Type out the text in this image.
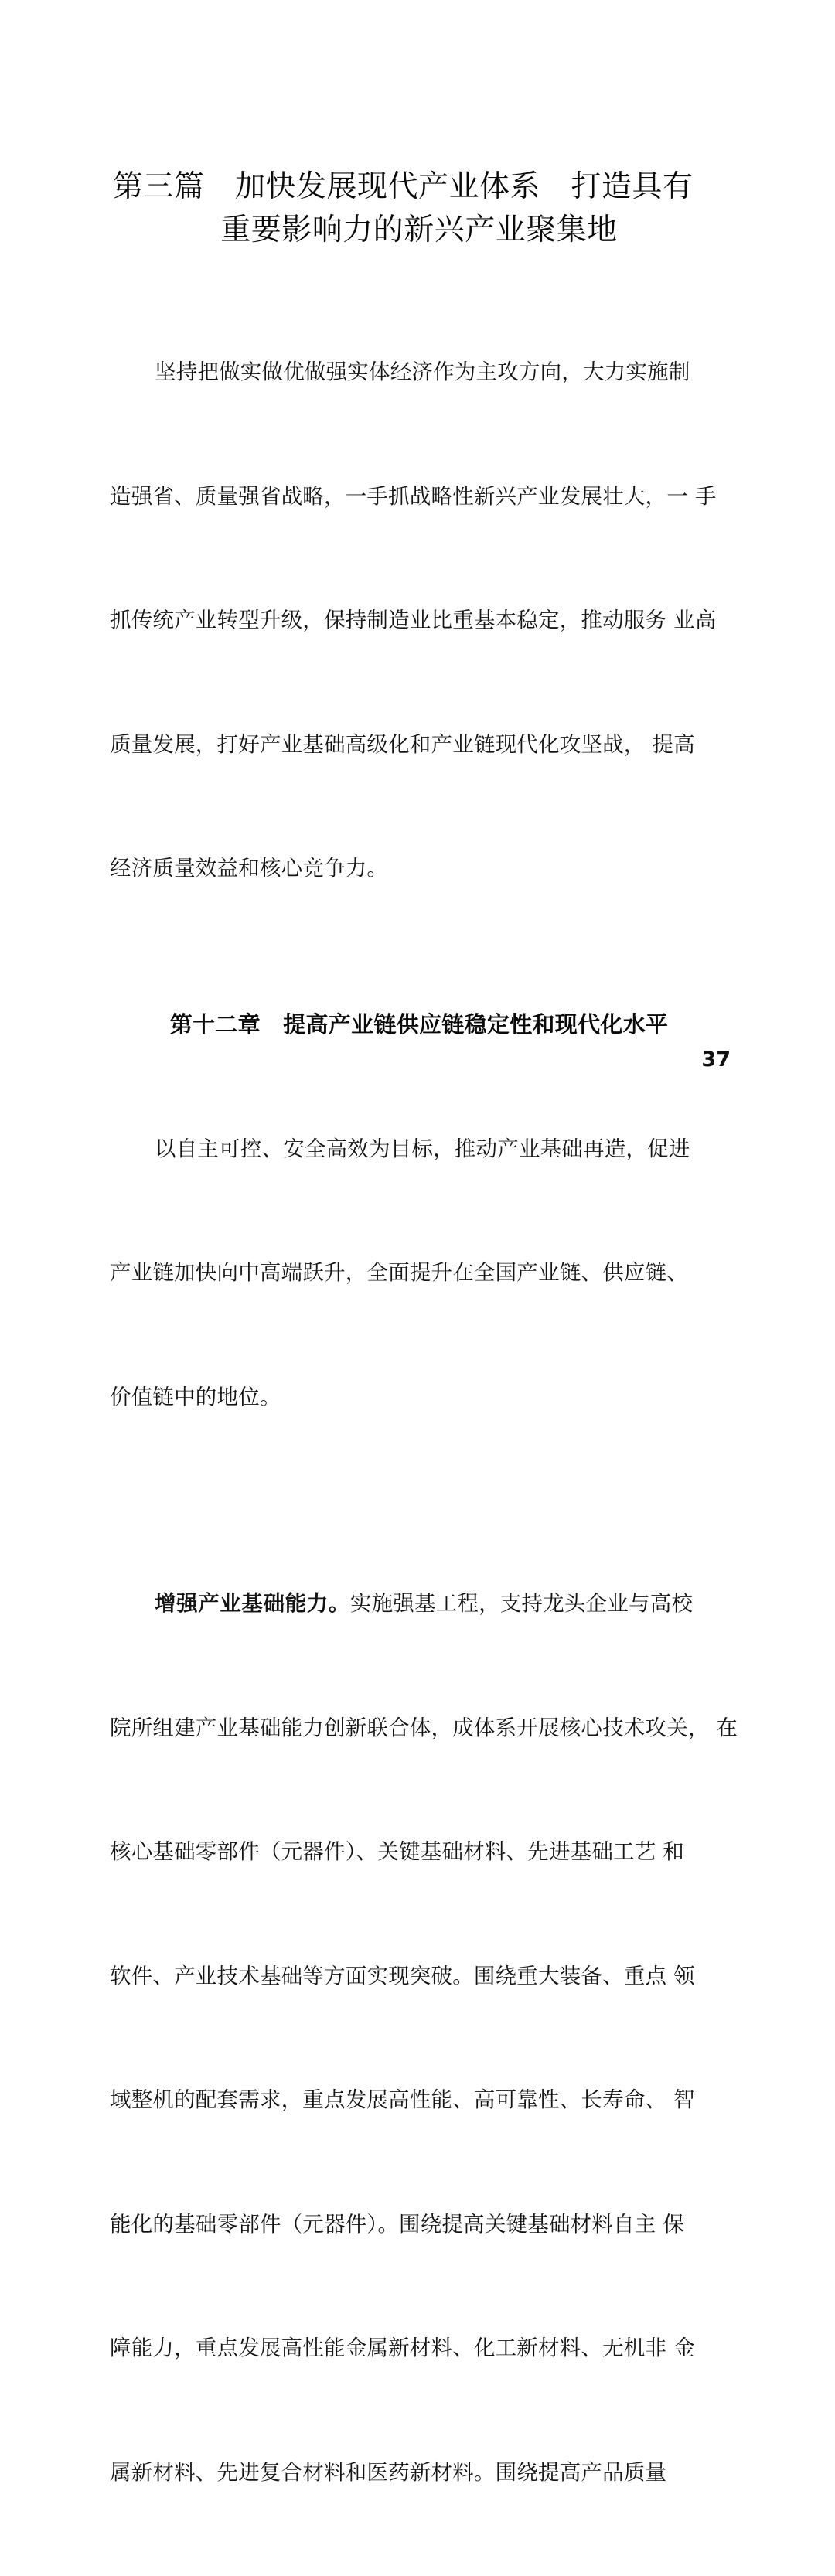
第三篇　加快发展现代产业体系　打造具有
重要影响力的新兴产业聚集地

坚持把做实做优做强实体经济作为主攻方向，大力实施制

造强省、质量强省战略，一手抓战略性新兴产业发展壮大，一 手

抓传统产业转型升级，保持制造业比重基本稳定，推动服务 业高

质量发展，打好产业基础高级化和产业链现代化攻坚战， 提高

经济质量效益和核心竞争力。

第十二章　提高产业链供应链稳定性和现代化水平

以自主可控、安全高效为目标，推动产业基础再造，促进

产业链加快向中高端跃升，全面提升在全国产业链、供应链、

价值链中的地位。

增强产业基础能力。实施强基工程，支持龙头企业与高校

院所组建产业基础能力创新联合体，成体系开展核心技术攻关， 在

核心基础零部件（元器件）、关键基础材料、先进基础工艺 和

软件、产业技术基础等方面实现突破。围绕重大装备、重点 领

域整机的配套需求，重点发展高性能、高可靠性、长寿命、 智

能化的基础零部件（元器件）。围绕提高关键基础材料自主 保

障能力，重点发展高性能金属新材料、化工新材料、无机非 金

属新材料、先进复合材料和医药新材料。围绕提高产品质量

37
